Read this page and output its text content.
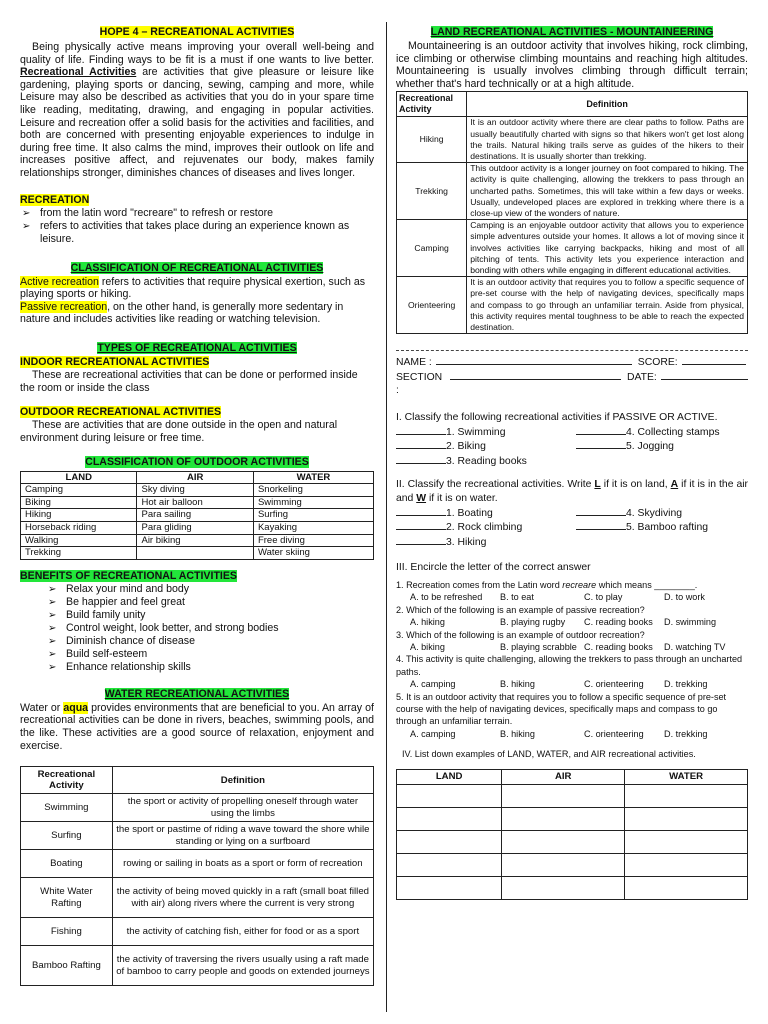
HOPE 4 – RECREATIONAL ACTIVITIES

Being physically active means improving your overall well-being and quality of life. Finding ways to be fit is a must if one wants to live better. Recreational Activities are activities that give pleasure or leisure like gardening, playing sports or dancing, sewing, camping and more, while Leisure may also be described as activities that you do in your spare time like reading, meditating, drawing, and engaging in popular activities. Leisure and recreation offer a solid basis for the activities and facilities, and both are concerned with presenting enjoyable experiences to indulge in during free time. It also calms the mind, improves their outlook on life and increases positive affect, and rejuvenates our body, makes family relationships stronger, diminishes chances of diseases and lives longer.

RECREATION
➢ from the latin word "recreare" to refresh or restore
➢ refers to activities that takes place during an experience known as leisure.
CLASSIFICATION OF RECREATIONAL ACTIVITIES

Active recreation refers to activities that require physical exertion, such as playing sports or hiking.

Passive recreation, on the other hand, is generally more sedentary in nature and includes activities like reading or watching television.

TYPES OF RECREATIONAL ACTIVITIES
INDOOR RECREATIONAL ACTIVITIES

These are recreational activities that can be done or performed inside the room or inside the class

OUTDOOR RECREATIONAL ACTIVITIES

These are activities that are done outside in the open and natural environment during leisure or free time.

CLASSIFICATION OF OUTDOOR ACTIVITIES
LAND	AIR	WATER
Camping	Sky diving	Snorkeling
Biking	Hot air balloon	Swimming
Hiking	Para sailing	Surfing
Horseback riding	Para gliding	Kayaking
Walking	Air biking	Free diving
Trekking		Water skiing
BENEFITS OF RECREATIONAL ACTIVITIES
➢ Relax your mind and body
➢ Be happier and feel great
➢ Build family unity
➢ Control weight, look better, and strong bodies
➢ Diminish chance of disease
➢ Build self-esteem
➢ Enhance relationship skills
WATER RECREATIONAL ACTIVITIES

Water or aqua provides environments that are beneficial to you. An array of recreational activities can be done in rivers, beaches, swimming pools, and the like. These activities are a good source of relaxation, enjoyment and exercise.

Recreational Activity	Definition
Swimming	the sport or activity of propelling oneself through water using the limbs
Surfing	the sport or pastime of riding a wave toward the shore while standing or lying on a surfboard
Boating	rowing or sailing in boats as a sport or form of recreation
White Water Rafting	the activity of being moved quickly in a raft (small boat filled with air) along rivers where the current is very strong
Fishing	the activity of catching fish, either for food or as a sport
Bamboo Rafting	the activity of traversing the rivers usually using a raft made of bamboo to carry people and goods on extended journeys
LAND RECREATIONAL ACTIVITIES - MOUNTAINEERING

Mountaineering is an outdoor activity that involves hiking, rock climbing, ice climbing or otherwise climbing mountains and reaching high altitudes. Mountaineering is usually involves climbing through difficult terrain; whether that's hard technically or at a high altitude.

Recreational Activity	Definition
Hiking	It is an outdoor activity where there are clear paths to follow. Paths are usually beautifully charted with signs so that hikers won't get lost along the trails. Natural hiking trails serve as guides of the hikers to their destinations. It is usually shorter than trekking.
Trekking	This outdoor activity is a longer journey on foot compared to hiking. The activity is quite challenging, allowing the trekkers to pass through an uncharted paths. Sometimes, this will take within a few days or weeks. Usually, undeveloped places are explored in trekking where there is a close-up view of the wonders of nature.
Camping	Camping is an enjoyable outdoor activity that allows you to experience simple adventures outside your homes. It allows a lot of moving since it involves activities like carrying backpacks, hiking and most of all pitching of tents. This activity lets you experience interaction and bonding with others while engaging in different educational activities.
Orienteering	It is an outdoor activity that requires you to follow a specific sequence of pre-set course with the help of navigating devices, specifically maps and compass to go through an unfamiliar terrain. Aside from physical, this activity requires mental toughness to be able to reach the expected destination.
NAME :	SCORE:
SECTION :
DATE:

I. Classify the following recreational activities if PASSIVE OR ACTIVE.

1. Swimming	4. Collecting stamps
2. Biking	5. Jogging
3. Reading books

II. Classify the recreational activities. Write L if it is on land, A if it is in the air and W if it is on water.

1. Boating	4. Skydiving
2. Rock climbing	5. Bamboo rafting
3. Hiking

III. Encircle the letter of the correct answer

1. Recreation comes from the Latin word recreare which means ________.

A. to be refreshed	B. to eat	C. to play	D. to work

2. Which of the following is an example of passive recreation?

A. hiking	B. playing rugby	C. reading books	D. swimming

3. Which of the following is an example of outdoor recreation?

A. biking	B. playing scrabble C. reading books	D. watching TV

4. This activity is quite challenging, allowing the trekkers to pass through an uncharted paths.

A. camping	B. hiking	C. orienteering	D. trekking

5. It is an outdoor activity that requires you to follow a specific sequence of pre-set course with the help of navigating devices, specifically maps and compass to go through an unfamiliar terrain.

A. camping	B. hiking	C. orienteering	D. trekking

IV. List down examples of LAND, WATER, and AIR recreational activities.

LAND	AIR	WATER
